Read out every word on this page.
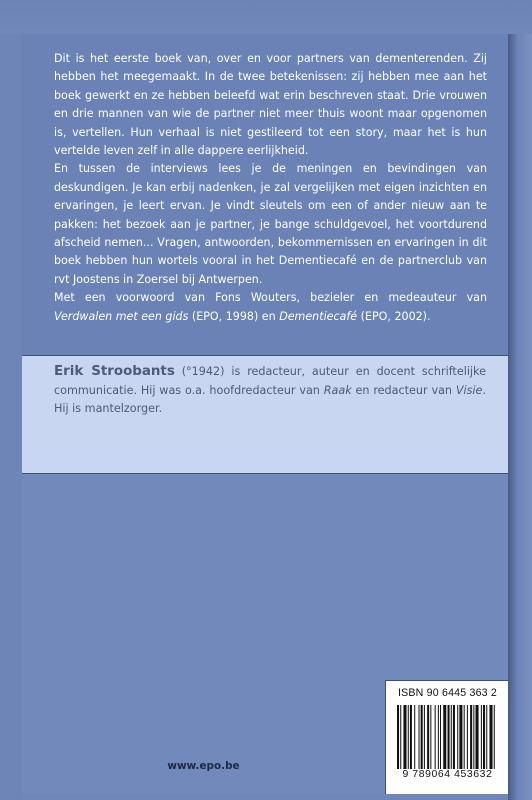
Dit is het eerste boek van, over en voor partners van dementerenden. Zij hebben het meegemaakt. In de twee betekenissen: zij hebben mee aan het boek gewerkt en ze hebben beleefd wat erin beschreven staat. Drie vrouwen en drie mannen van wie de partner niet meer thuis woont maar opgenomen is, vertellen. Hun verhaal is niet gestileerd tot een story, maar het is hun vertelde leven zelf in alle dappere eerlijkheid.

En tussen de interviews lees je de meningen en bevindingen van deskundigen. Je kan erbij nadenken, je zal vergelijken met eigen inzichten en ervaringen, je leert ervan. Je vindt sleutels om een of ander nieuw aan te pakken: het bezoek aan je partner, je bange schuldgevoel, het voortdurend afscheid nemen... Vragen, antwoorden, bekommernissen en ervaringen in dit boek hebben hun wortels vooral in het Dementiecafé en de partnerclub van rvt Joostens in Zoersel bij Antwerpen.

Met een voorwoord van Fons Wouters, bezieler en medeauteur van Verdwalen met een gids (EPO, 1998) en Dementiecafé (EPO, 2002).

Erik Stroobants (°1942) is redacteur, auteur en docent schriftelijke communicatie. Hij was o.a. hoofdredacteur van Raak en redacteur van Visie. Hij is mantelzorger.

ISBN 90 6445 363 2
9 789064 453632
www.epo.be
